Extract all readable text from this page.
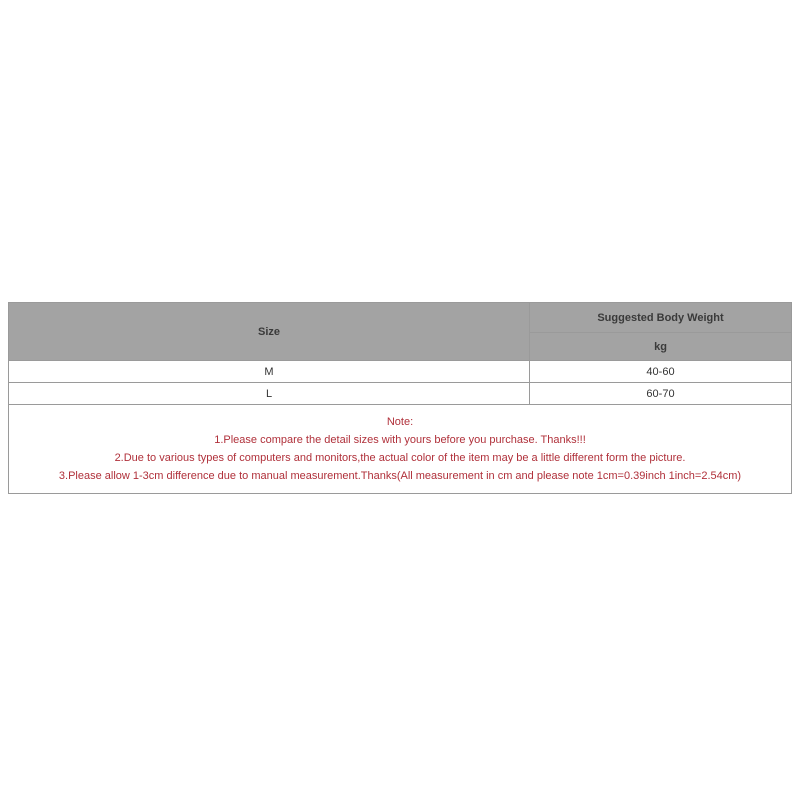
Size	Suggested Body Weight
	kg
M	40-60
L	60-70

Note:
1.Please compare the detail sizes with yours before you purchase. Thanks!!!
2.Due to various types of computers and monitors,the actual color of the item may be a little different form the picture.
3.Please allow 1-3cm difference due to manual measurement.Thanks(All measurement in cm and please note 1cm=0.39inch 1inch=2.54cm)	
